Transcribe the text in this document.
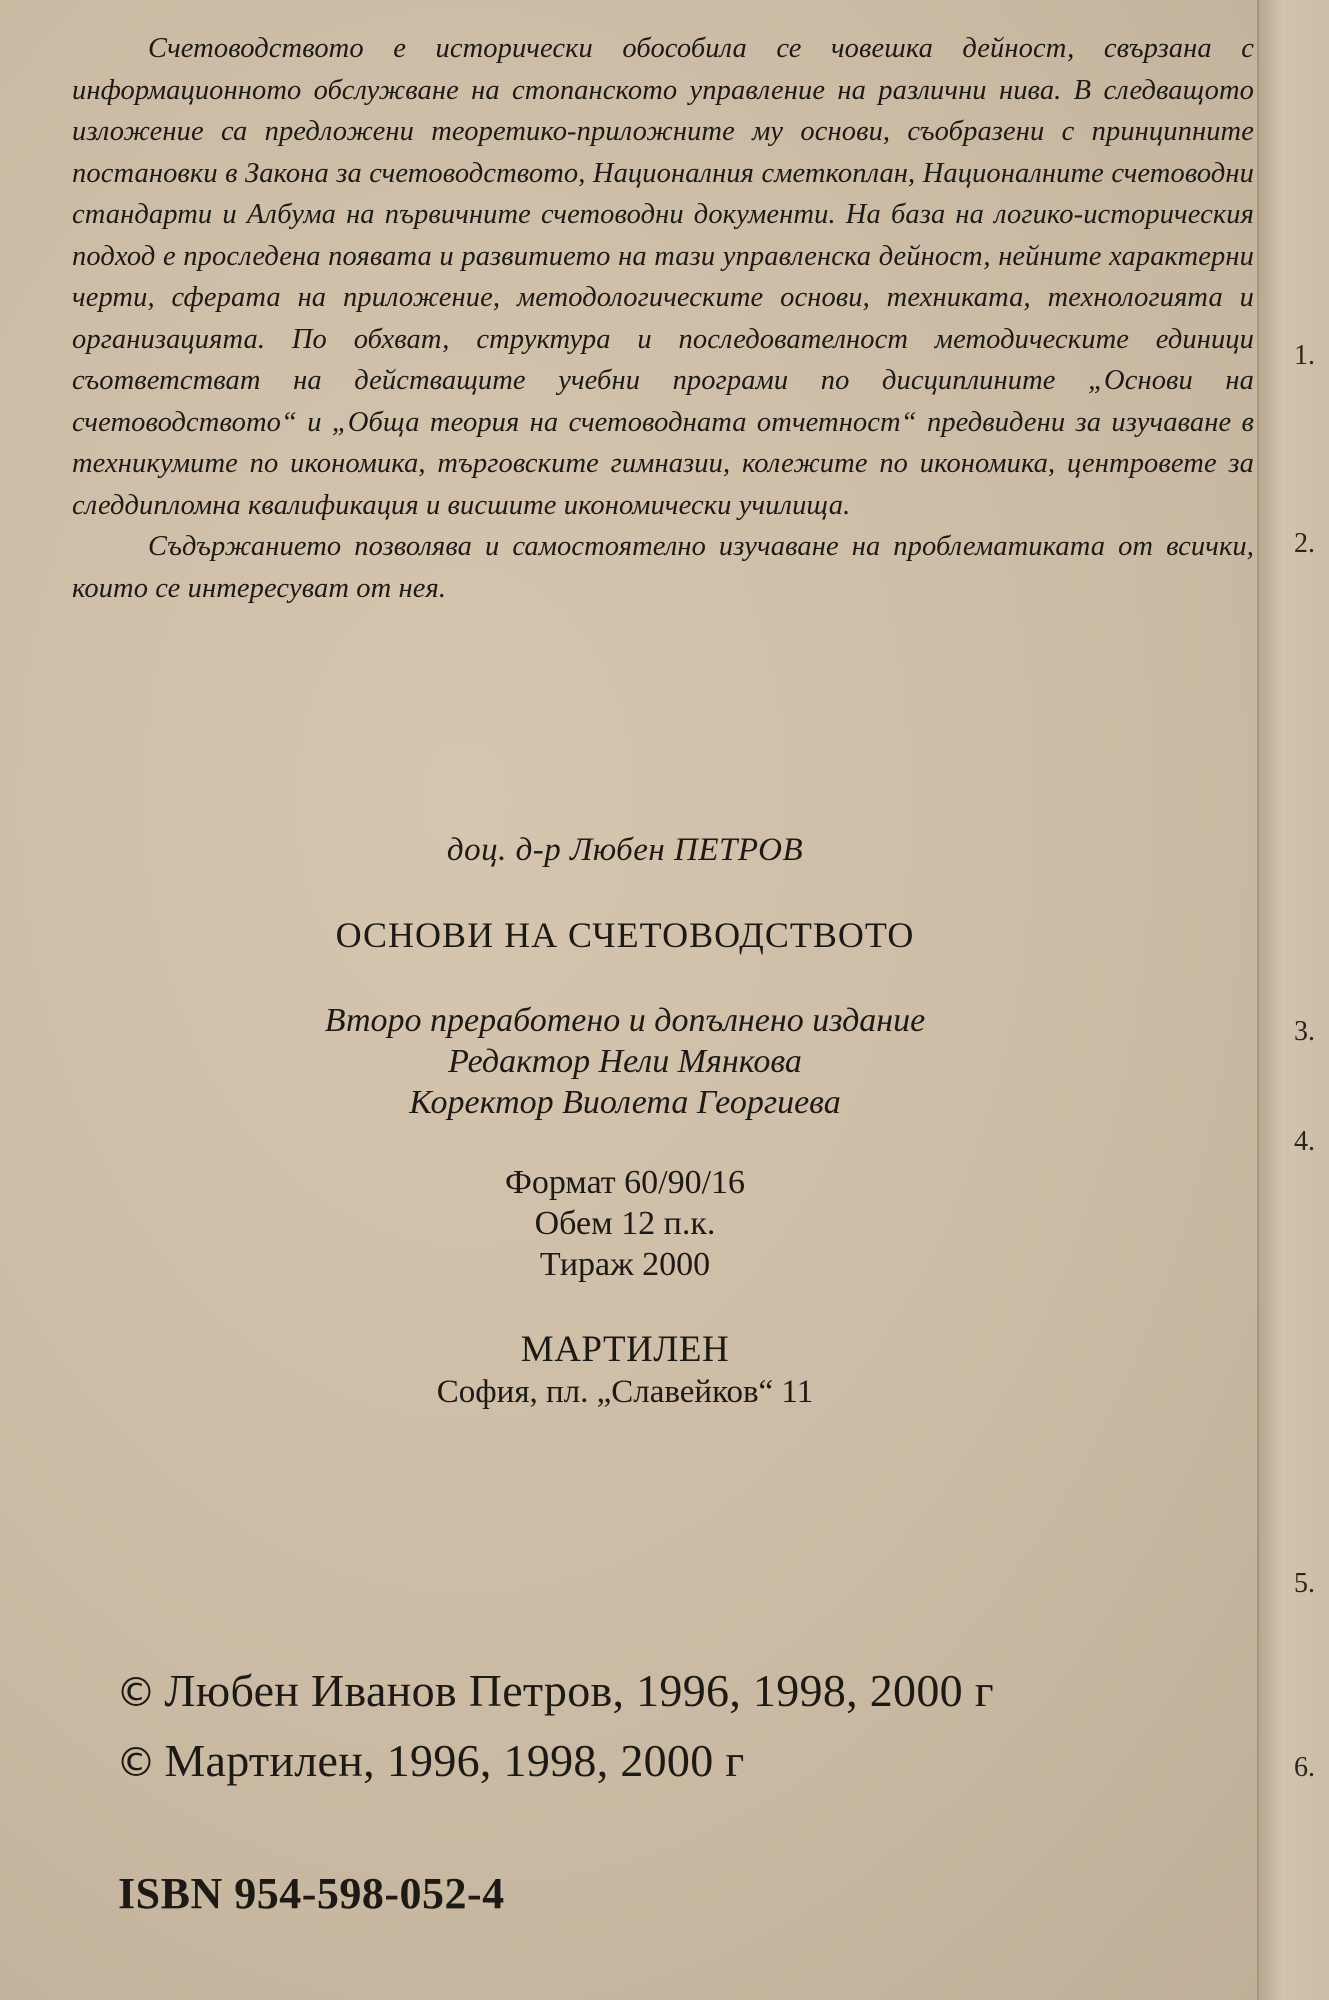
Счетоводството е исторически обособила се човешка дейност, свързана с информационното обслужване на стопанското управление на различни нива. В следващото изложение са предложени теоретико-приложните му основи, съобразени с принципните постановки в Закона за счетоводството, Националния сметкоплан, Националните счетоводни стандарти и Албума на първичните счетоводни документи. На база на логико-историческия подход е проследена появата и развитието на тази управленска дейност, нейните характерни черти, сферата на приложение, методологическите основи, техниката, технологията и организацията. По обхват, структура и последователност методическите единици съответстват на действащите учебни програми по дисциплините „Основи на счетоводството“ и „Обща теория на счетоводната отчетност“ предвидени за изучаване в техникумите по икономика, търговските гимназии, колежите по икономика, центровете за следдипломна квалификация и висшите икономически училища.

Съдържанието позволява и самостоятелно изучаване на проблематиката от всички, които се интересуват от нея.

доц. д-р Любен ПЕТРОВ
ОСНОВИ НА СЧЕТОВОДСТВОТО
Второ преработено и допълнено издание
Редактор Нели Мянкова
Коректор Виолета Георгиева
Формат 60/90/16
Обем 12 п.к.
Тираж 2000
МАРТИЛЕН
София, пл. „Славейков“ 11
© Любен Иванов Петров, 1996, 1998, 2000 г
© Мартилен, 1996, 1998, 2000 г
ISBN 954-598-052-4
1.
2.
3.
4.
5.
6.
